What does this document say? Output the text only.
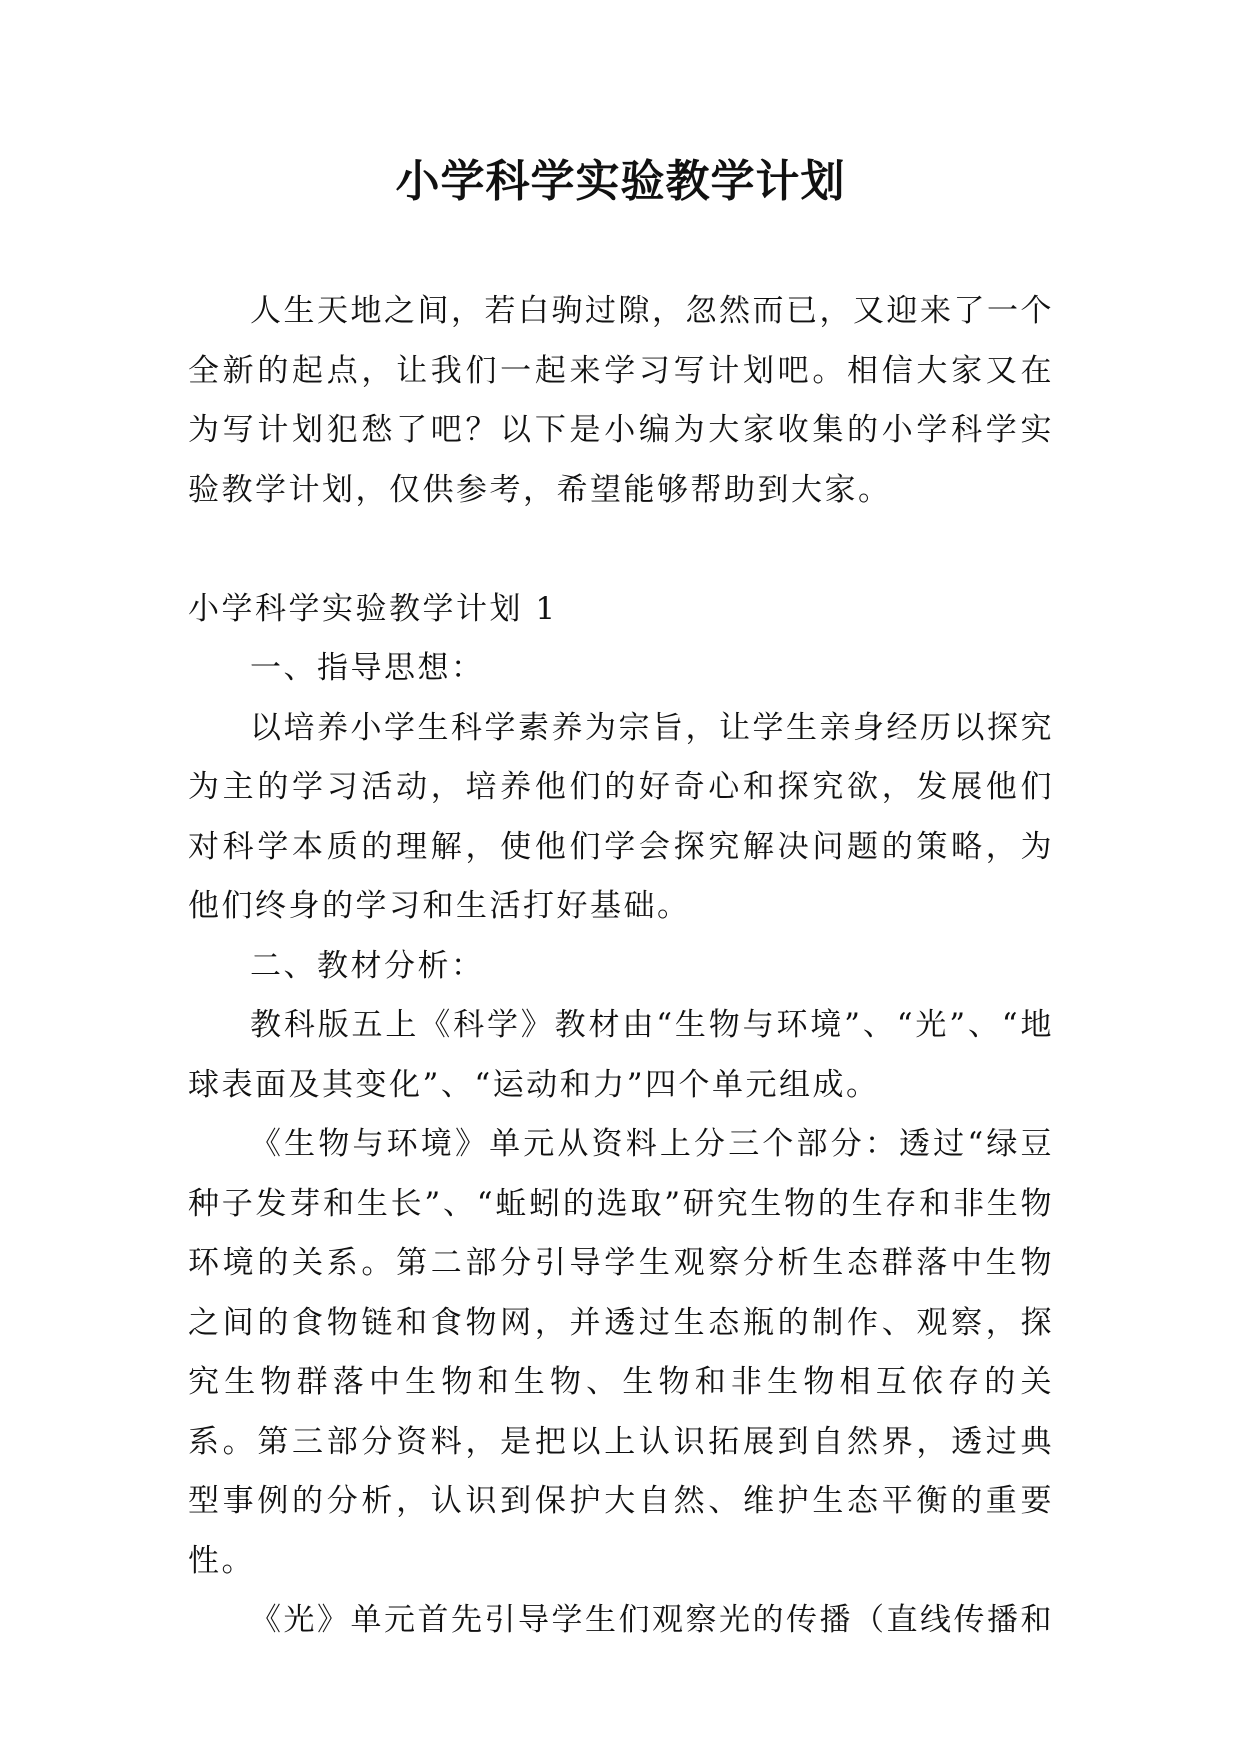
小学科学实验教学计划

人生天地之间，若白驹过隙，忽然而已，又迎来了一个全新的起点，让我们一起来学习写计划吧。相信大家又在为写计划犯愁了吧？以下是小编为大家收集的小学科学实验教学计划，仅供参考，希望能够帮助到大家。

小学科学实验教学计划 1

一、指导思想：

以培养小学生科学素养为宗旨，让学生亲身经历以探究为主的学习活动，培养他们的好奇心和探究欲，发展他们对科学本质的理解，使他们学会探究解决问题的策略，为他们终身的学习和生活打好基础。

二、教材分析：

教科版五上《科学》教材由“生物与环境”、“光”、“地球表面及其变化”、“运动和力”四个单元组成。

《生物与环境》单元从资料上分三个部分：透过“绿豆种子发芽和生长”、“蚯蚓的选取”研究生物的生存和非生物环境的关系。第二部分引导学生观察分析生态群落中生物之间的食物链和食物网，并透过生态瓶的制作、观察，探究生物群落中生物和生物、生物和非生物相互依存的关系。第三部分资料，是把以上认识拓展到自然界，透过典型事例的分析，认识到保护大自然、维护生态平衡的重要性。

《光》单元首先引导学生们观察光的传播（直线传播和
